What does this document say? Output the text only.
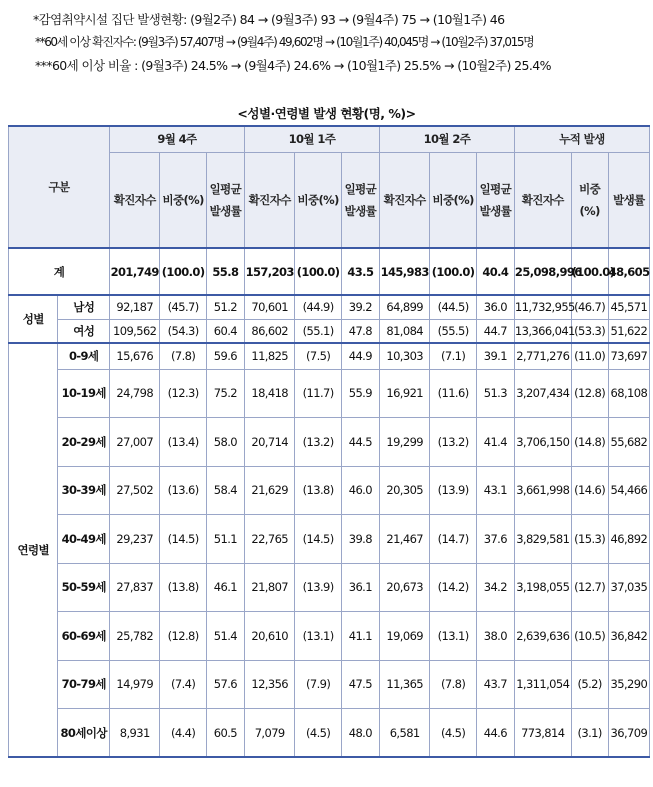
*감염취약시설 집단 발생현황: (9월2주) 84 → (9월3주) 93 → (9월4주) 75 → (10월1주) 46
**60세 이상 확진자수: (9월3주) 57,407명 → (9월4주) 49,602명 → (10월1주) 40,045명 → (10월2주) 37,015명
***60세 이상 비율 : (9월3주) 24.5% → (9월4주) 24.6% → (10월1주) 25.5% → (10월2주) 25.4%
<성별·연령별 발생 현황(명, %)>
구분		9월 4주			10월 1주			10월 2주			누적 발생		
		확진자수	비중(%)	일평균발생률	확진자수	비중(%)	일평균발생률	확진자수	비중(%)	일평균발생률	확진자수	비중(%)	발생률
계		201,749	(100.0)	55.8	157,203	(100.0)	43.5	145,983	(100.0)	40.4	25,098,996	(100.0)	48,605
성별	남성	92,187	(45.7)	51.2	70,601	(44.9)	39.2	64,899	(44.5)	36.0	11,732,955	(46.7)	45,571
	여성	109,562	(54.3)	60.4	86,602	(55.1)	47.8	81,084	(55.5)	44.7	13,366,041	(53.3)	51,622
연령별	0-9세	15,676	(7.8)	59.6	11,825	(7.5)	44.9	10,303	(7.1)	39.1	2,771,276	(11.0)	73,697
	10-19세	24,798	(12.3)	75.2	18,418	(11.7)	55.9	16,921	(11.6)	51.3	3,207,434	(12.8)	68,108
	20-29세	27,007	(13.4)	58.0	20,714	(13.2)	44.5	19,299	(13.2)	41.4	3,706,150	(14.8)	55,682
	30-39세	27,502	(13.6)	58.4	21,629	(13.8)	46.0	20,305	(13.9)	43.1	3,661,998	(14.6)	54,466
	40-49세	29,237	(14.5)	51.1	22,765	(14.5)	39.8	21,467	(14.7)	37.6	3,829,581	(15.3)	46,892
	50-59세	27,837	(13.8)	46.1	21,807	(13.9)	36.1	20,673	(14.2)	34.2	3,198,055	(12.7)	37,035
	60-69세	25,782	(12.8)	51.4	20,610	(13.1)	41.1	19,069	(13.1)	38.0	2,639,636	(10.5)	36,842
	70-79세	14,979	(7.4)	57.6	12,356	(7.9)	47.5	11,365	(7.8)	43.7	1,311,054	(5.2)	35,290
	80세이상	8,931	(4.4)	60.5	7,079	(4.5)	48.0	6,581	(4.5)	44.6	773,814	(3.1)	36,709
